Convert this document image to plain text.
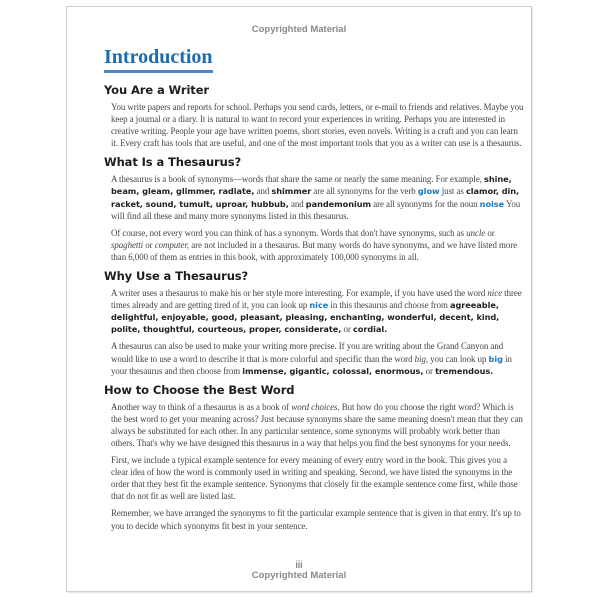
Copyrighted Material
Introduction
You Are a Writer

You write papers and reports for school. Perhaps you send cards, letters, or e-mail to friends and relatives. Maybe you keep a journal or a diary. It is natural to want to record your experiences in writing. Perhaps you are interested in creative writing. People your age have written poems, short stories, even novels. Writing is a craft and you can learn it. Every craft has tools that are useful, and one of the most important tools that you as a writer can use is a thesaurus.

What Is a Thesaurus?

A thesaurus is a book of synonyms—words that share the same or nearly the same meaning. For example, shine, beam, gleam, glimmer, radiate, and shimmer are all synonyms for the verb glow just as clamor, din, racket, sound, tumult, uproar, hubbub, and pandemonium are all synonyms for the noun noise You will find all these and many more synonyms listed in this thesaurus.

Of course, not every word you can think of has a synonym. Words that don't have synonyms, such as uncle or spaghetti or computer, are not included in a thesaurus. But many words do have synonyms, and we have listed more than 6,000 of them as entries in this book, with approximately 100,000 synonyms in all.

Why Use a Thesaurus?

A writer uses a thesaurus to make his or her style more interesting. For example, if you have used the word nice three times already and are getting tired of it, you can look up nice in this thesaurus and choose from agreeable, delightful, enjoyable, good, pleasant, pleasing, enchanting, wonderful, decent, kind, polite, thoughtful, courteous, proper, considerate, or cordial.

A thesaurus can also be used to make your writing more precise. If you are writing about the Grand Canyon and would like to use a word to describe it that is more colorful and specific than the word big, you can look up big in your thesaurus and then choose from immense, gigantic, colossal, enormous, or tremendous.

How to Choose the Best Word

Another way to think of a thesaurus is as a book of word choices. But how do you choose the right word? Which is the best word to get your meaning across? Just because synonyms share the same meaning doesn't mean that they can always be substituted for each other. In any particular sentence, some synonyms will probably work better than others. That's why we have designed this thesaurus in a way that helps you find the best synonyms for your needs.

First, we include a typical example sentence for every meaning of every entry word in the book. This gives you a clear idea of how the word is commonly used in writing and speaking. Second, we have listed the synonyms in the order that they best fit the example sentence. Synonyms that closely fit the example sentence come first, while those that do not fit as well are listed last.

Remember, we have arranged the synonyms to fit the particular example sentence that is given in that entry. It's up to you to decide which synonyms fit best in your sentence.

iii
Copyrighted Material
